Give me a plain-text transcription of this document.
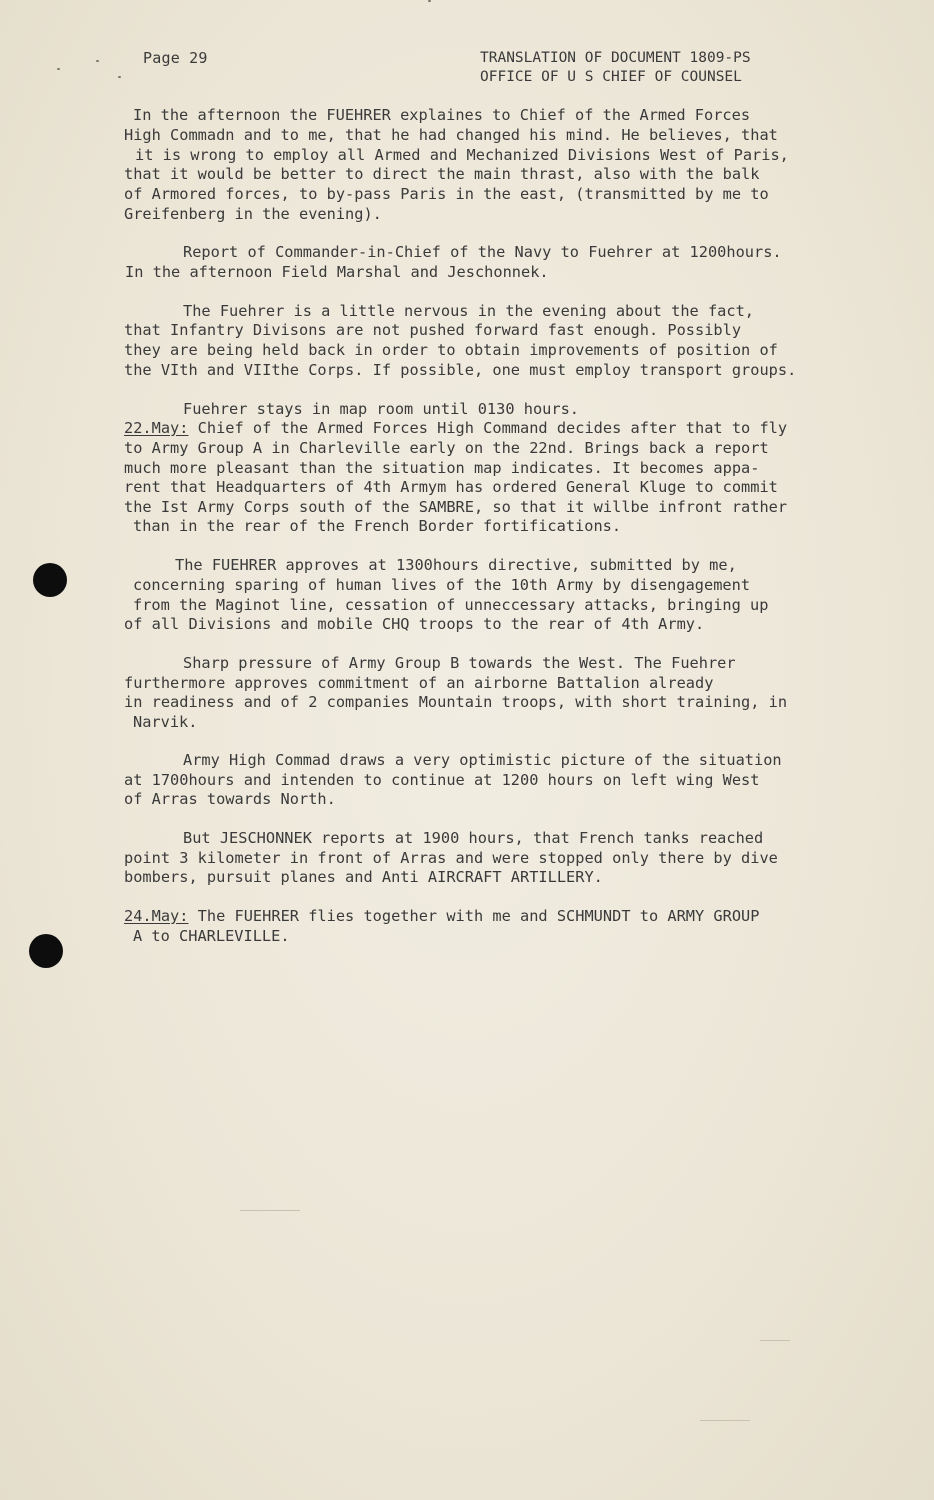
Page 29	TRANSLATION OF DOCUMENT 1809-PS
OFFICE OF U S CHIEF OF COUNSEL
In the afternoon the FUEHRER explaines to Chief of the Armed Forces
High Commadn and to me, that he had changed his mind. He believes, that
it is wrong to employ all Armed and Mechanized Divisions West of Paris,
that it would be better to direct the main thrast, also with the balk
of Armored forces, to by-pass Paris in the east, (transmitted by me to
Greifenberg in the evening).
Report of Commander-in-Chief of the Navy to Fuehrer at 1200hours.
In the afternoon Field Marshal and Jeschonnek.
The Fuehrer is a little nervous in the evening about the fact,
that Infantry Divisons are not pushed forward fast enough. Possibly
they are being held back in order to obtain improvements of position of
the VIth and VIIthe Corps. If possible, one must employ transport groups.
Fuehrer stays in map room until 0130 hours.
22.May: Chief of the Armed Forces High Command decides after that to fly
to Army Group A in Charleville early on the 22nd. Brings back a report
much more pleasant than the situation map indicates. It becomes appa-
rent that Headquarters of 4th Armym has ordered General Kluge to commit
the Ist Army Corps south of the SAMBRE, so that it willbe infront rather
than in the rear of the French Border fortifications.
The FUEHRER approves at 1300hours directive, submitted by me,
concerning sparing of human lives of the 10th Army by disengagement
from the Maginot line, cessation of unneccessary attacks, bringing up
of all Divisions and mobile CHQ troops to the rear of 4th Army.
Sharp pressure of Army Group B towards the West. The Fuehrer
furthermore approves commitment of an airborne Battalion already
in readiness and of 2 companies Mountain troops, with short training, in
Narvik.
Army High Commad draws a very optimistic picture of the situation
at 1700hours and intenden to continue at 1200 hours on left wing West
of Arras towards North.
But JESCHONNEK reports at 1900 hours, that French tanks reached
point 3 kilometer in front of Arras and were stopped only there by dive
bombers, pursuit planes and Anti AIRCRAFT ARTILLERY.
24.May: The FUEHRER flies together with me and SCHMUNDT to ARMY GROUP
A to CHARLEVILLE.
